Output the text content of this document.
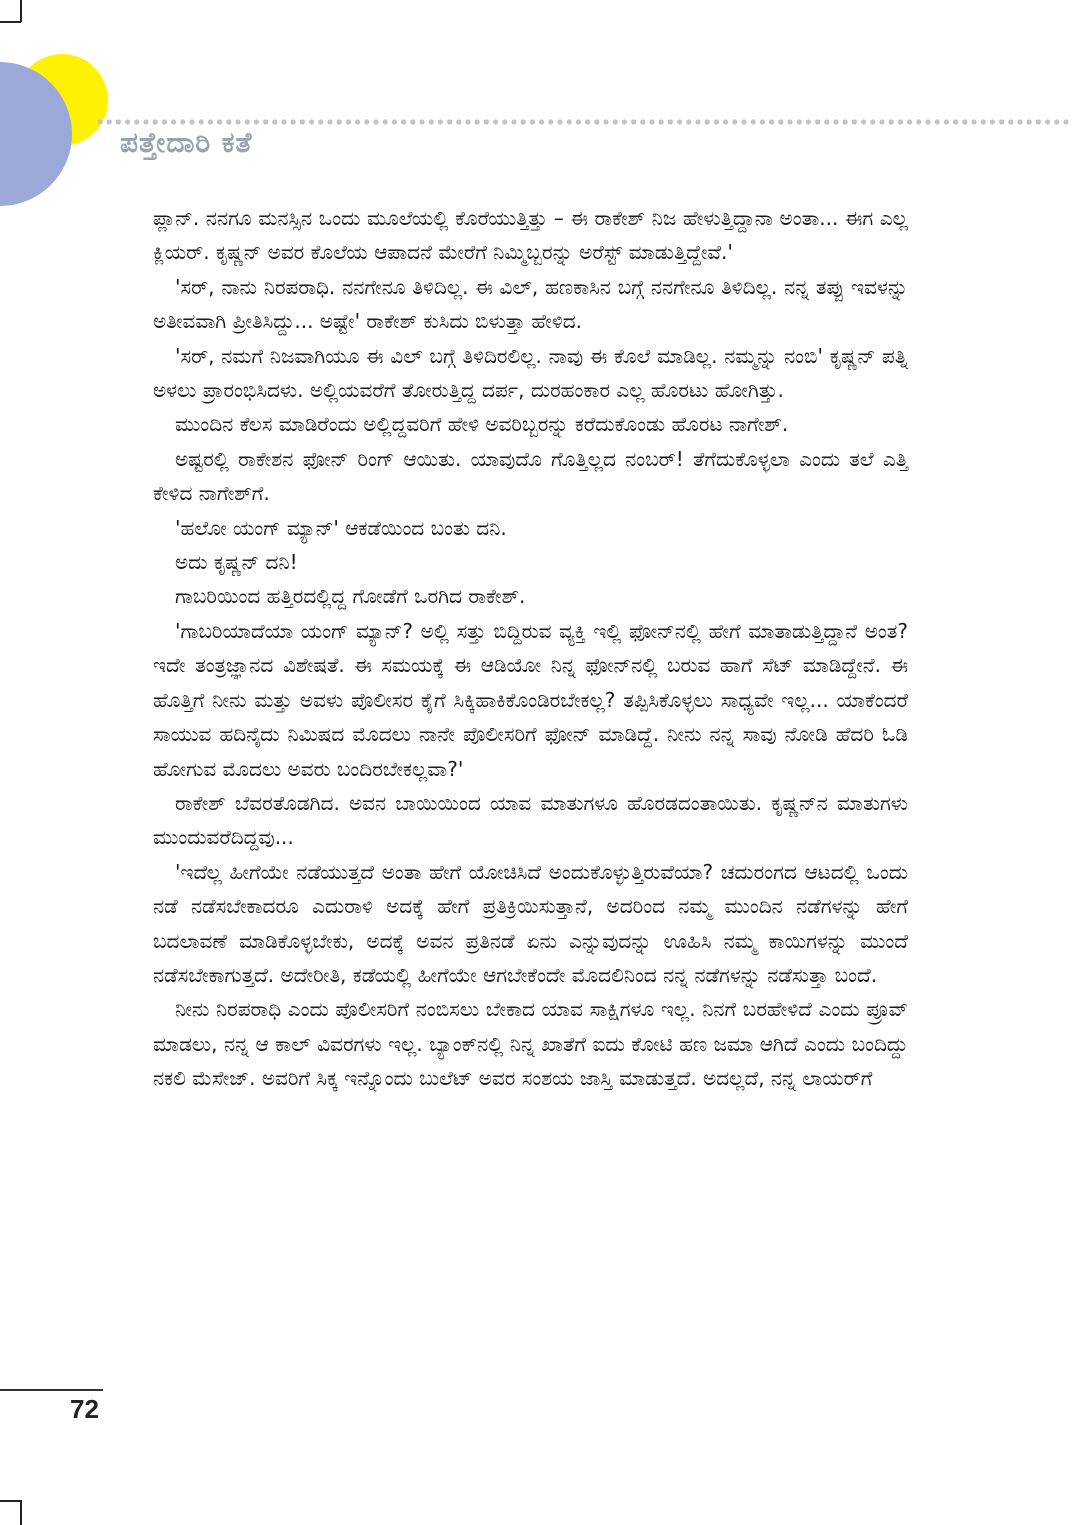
ಪತ್ತೇದಾರಿ ಕತೆ

ಪ್ಲಾನ್. ನನಗೂ ಮನಸ್ಸಿನ ಒಂದು ಮೂಲೆಯಲ್ಲಿ ಕೊರೆಯುತ್ತಿತ್ತು – ಈ ರಾಕೇಶ್ ನಿಜ ಹೇಳುತ್ತಿದ್ದಾನಾ ಅಂತಾ... ಈಗ ಎಲ್ಲ ಕ್ಲಿಯರ್. ಕೃಷ್ಣನ್ ಅವರ ಕೊಲೆಯ ಆಪಾದನೆ ಮೇರೆಗೆ ನಿಮ್ಮಿಬ್ಬರನ್ನು ಅರೆಸ್ಟ್ ಮಾಡುತ್ತಿದ್ದೇವೆ.'

'ಸರ್, ನಾನು ನಿರಪರಾಧಿ. ನನಗೇನೂ ತಿಳಿದಿಲ್ಲ. ಈ ವಿಲ್, ಹಣಕಾಸಿನ ಬಗ್ಗೆ ನನಗೇನೂ ತಿಳಿದಿಲ್ಲ. ನನ್ನ ತಪ್ಪು ಇವಳನ್ನು ಅತೀವವಾಗಿ ಪ್ರೀತಿಸಿದ್ದು... ಅಷ್ಟೇ' ರಾಕೇಶ್ ಕುಸಿದು ಬಿಳುತ್ತಾ ಹೇಳಿದ.

'ಸರ್, ನಮಗೆ ನಿಜವಾಗಿಯೂ ಈ ವಿಲ್ ಬಗ್ಗೆ ತಿಳಿದಿರಲಿಲ್ಲ. ನಾವು ಈ ಕೊಲೆ ಮಾಡಿಲ್ಲ. ನಮ್ಮನ್ನು ನಂಬಿ' ಕೃಷ್ಣನ್ ಪತ್ನಿ ಅಳಲು ಪ್ರಾರಂಭಿಸಿದಳು. ಅಲ್ಲಿಯವರೆಗೆ ತೋರುತ್ತಿದ್ದ ದರ್ಪ, ದುರಹಂಕಾರ ಎಲ್ಲ ಹೊರಟು ಹೋಗಿತ್ತು.

ಮುಂದಿನ ಕೆಲಸ ಮಾಡಿರೆಂದು ಅಲ್ಲಿದ್ದವರಿಗೆ ಹೇಳಿ ಅವರಿಬ್ಬರನ್ನು ಕರೆದುಕೊಂಡು ಹೊರಟ ನಾಗೇಶ್.

ಅಷ್ಟರಲ್ಲಿ ರಾಕೇಶನ ಫೋನ್ ರಿಂಗ್ ಆಯಿತು. ಯಾವುದೊ ಗೊತ್ತಿಲ್ಲದ ನಂಬರ್! ತೆಗೆದುಕೊಳ್ಳಲಾ ಎಂದು ತಲೆ ಎತ್ತಿ ಕೇಳಿದ ನಾಗೇಶ್‌ಗೆ.

'ಹಲೋ ಯಂಗ್ ಮ್ಯಾನ್' ಆಕಡೆಯಿಂದ ಬಂತು ದನಿ.

ಅದು ಕೃಷ್ಣನ್ ದನಿ!

ಗಾಬರಿಯಿಂದ ಹತ್ತಿರದಲ್ಲಿದ್ದ ಗೋಡೆಗೆ ಒರಗಿದ ರಾಕೇಶ್.

'ಗಾಬರಿಯಾದೆಯಾ ಯಂಗ್ ಮ್ಯಾನ್? ಅಲ್ಲಿ ಸತ್ತು ಬಿದ್ದಿರುವ ವ್ಯಕ್ತಿ ಇಲ್ಲಿ ಫೋನ್‌ನಲ್ಲಿ ಹೇಗೆ ಮಾತಾಡುತ್ತಿದ್ದಾನೆ ಅಂತ? ಇದೇ ತಂತ್ರಜ್ಞಾನದ ವಿಶೇಷತೆ. ಈ ಸಮಯಕ್ಕೆ ಈ ಆಡಿಯೋ ನಿನ್ನ ಫೋನ್‌ನಲ್ಲಿ ಬರುವ ಹಾಗೆ ಸೆಟ್ ಮಾಡಿದ್ದೇನೆ. ಈ ಹೊತ್ತಿಗೆ ನೀನು ಮತ್ತು ಅವಳು ಪೊಲೀಸರ ಕೈಗೆ ಸಿಕ್ಕಿಹಾಕಿಕೊಂಡಿರಬೇಕಲ್ಲ? ತಪ್ಪಿಸಿಕೊಳ್ಳಲು ಸಾಧ್ಯವೇ ಇಲ್ಲ... ಯಾಕೆಂದರೆ ಸಾಯುವ ಹದಿನೈದು ನಿಮಿಷದ ಮೊದಲು ನಾನೇ ಪೊಲೀಸರಿಗೆ ಫೋನ್ ಮಾಡಿದ್ದೆ. ನೀನು ನನ್ನ ಸಾವು ನೋಡಿ ಹೆದರಿ ಓಡಿ ಹೋಗುವ ಮೊದಲು ಅವರು ಬಂದಿರಬೇಕಲ್ಲವಾ?'

ರಾಕೇಶ್ ಬೆವರತೊಡಗಿದ. ಅವನ ಬಾಯಿಯಿಂದ ಯಾವ ಮಾತುಗಳೂ ಹೊರಡದಂತಾಯಿತು. ಕೃಷ್ಣನ್‌ನ ಮಾತುಗಳು ಮುಂದುವರೆದಿದ್ದವು...

'ಇದೆಲ್ಲ ಹೀಗೆಯೇ ನಡೆಯುತ್ತದೆ ಅಂತಾ ಹೇಗೆ ಯೋಚಿಸಿದೆ ಅಂದುಕೊಳ್ಳುತ್ತಿರುವೆಯಾ? ಚದುರಂಗದ ಆಟದಲ್ಲಿ ಒಂದು ನಡೆ ನಡೆಸಬೇಕಾದರೂ ಎದುರಾಳಿ ಅದಕ್ಕೆ ಹೇಗೆ ಪ್ರತಿಕ್ರಿಯಿಸುತ್ತಾನೆ, ಅದರಿಂದ ನಮ್ಮ ಮುಂದಿನ ನಡೆಗಳನ್ನು ಹೇಗೆ ಬದಲಾವಣೆ ಮಾಡಿಕೊಳ್ಳಬೇಕು, ಅದಕ್ಕೆ ಅವನ ಪ್ರತಿನಡೆ ಏನು ಎನ್ನುವುದನ್ನು ಊಹಿಸಿ ನಮ್ಮ ಕಾಯಿಗಳನ್ನು ಮುಂದೆ ನಡೆಸಬೇಕಾಗುತ್ತದೆ. ಅದೇರೀತಿ, ಕಡೆಯಲ್ಲಿ ಹೀಗೆಯೇ ಆಗಬೇಕೆಂದೇ ಮೊದಲಿನಿಂದ ನನ್ನ ನಡೆಗಳನ್ನು ನಡೆಸುತ್ತಾ ಬಂದೆ.

ನೀನು ನಿರಪರಾಧಿ ಎಂದು ಪೊಲೀಸರಿಗೆ ನಂಬಿಸಲು ಬೇಕಾದ ಯಾವ ಸಾಕ್ಷಿಗಳೂ ಇಲ್ಲ. ನಿನಗೆ ಬರಹೇಳಿದೆ ಎಂದು ಪ್ರೂವ್ ಮಾಡಲು, ನನ್ನ ಆ ಕಾಲ್ ವಿವರಗಳು ಇಲ್ಲ. ಬ್ಯಾಂಕ್‌ನಲ್ಲಿ ನಿನ್ನ ಖಾತೆಗೆ ಐದು ಕೋಟಿ ಹಣ ಜಮಾ ಆಗಿದೆ ಎಂದು ಬಂದಿದ್ದು ನಕಲಿ ಮೆಸೇಜ್. ಅವರಿಗೆ ಸಿಕ್ಕ ಇನ್ನೊಂದು ಬುಲೆಟ್ ಅವರ ಸಂಶಯ ಜಾಸ್ತಿ ಮಾಡುತ್ತದೆ. ಅದಲ್ಲದೆ, ನನ್ನ ಲಾಯರ್‌ಗೆ

72
